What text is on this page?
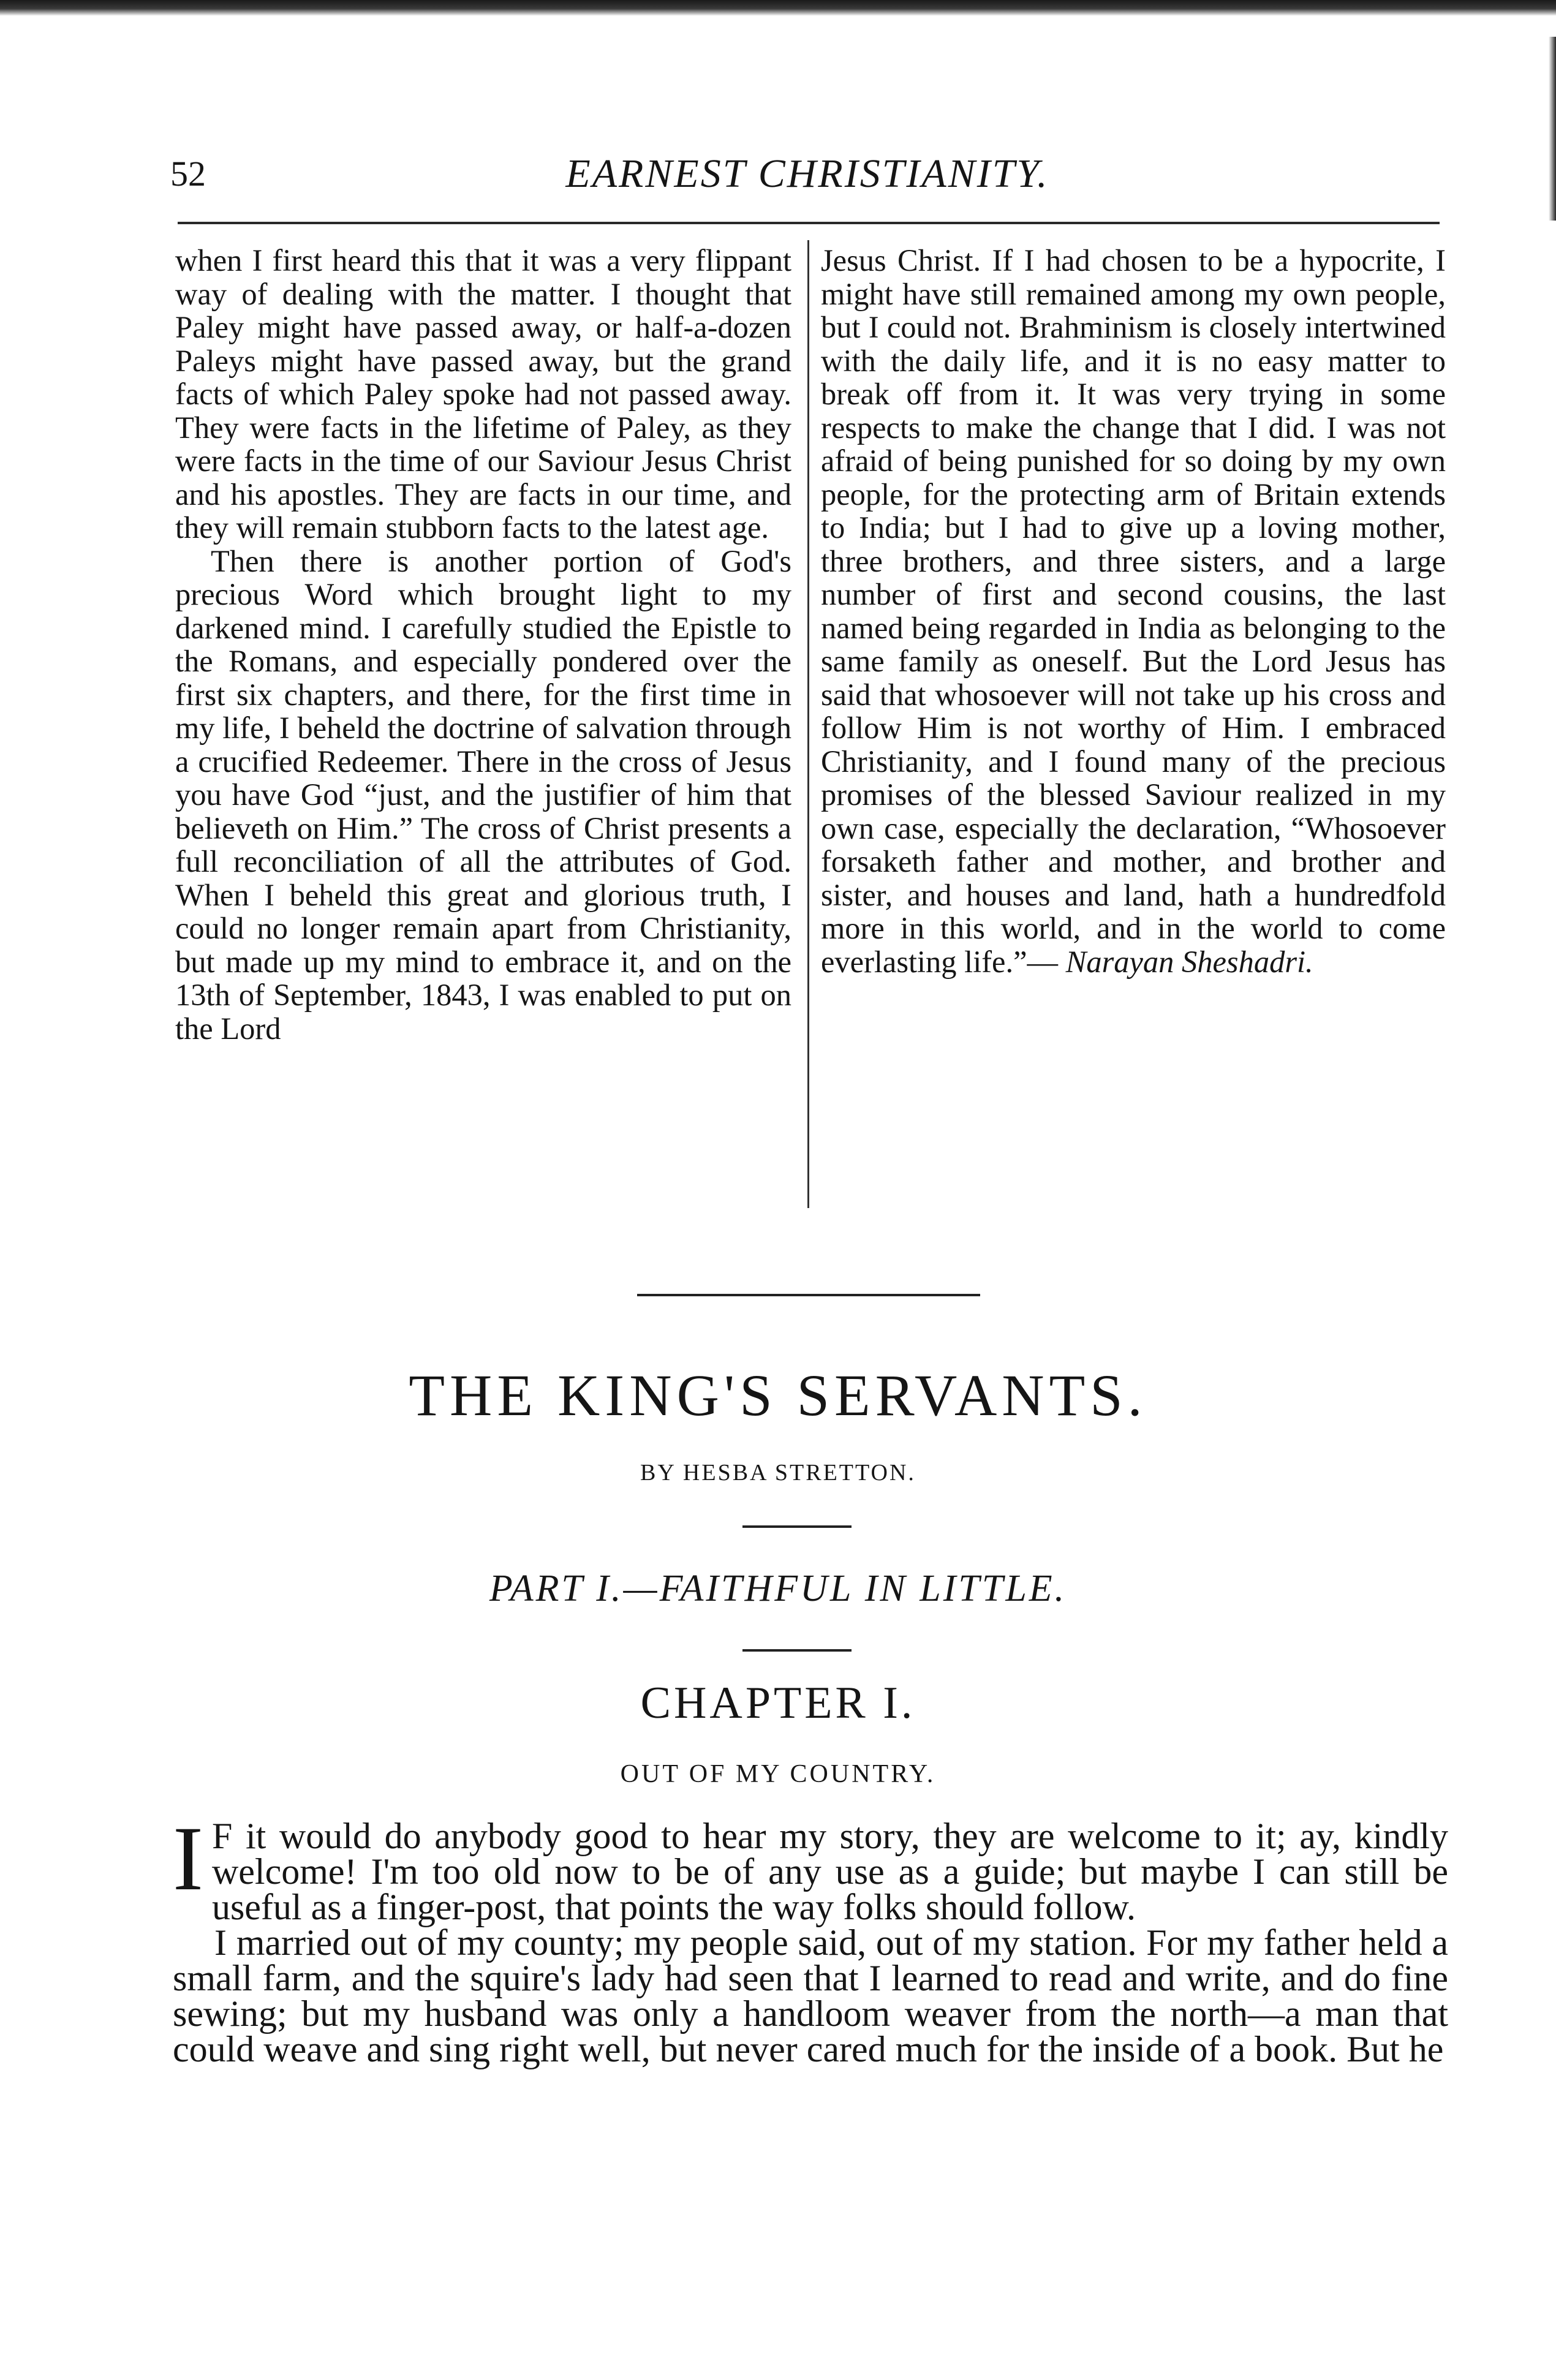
52	EARNEST CHRISTIANITY.

when I first heard this that it was a very flippant way of dealing with the matter. I thought that Paley might have passed away, or half-a-dozen Paleys might have passed away, but the grand facts of which Paley spoke had not passed away. They were facts in the lifetime of Paley, as they were facts in the time of our Saviour Jesus Christ and his apostles. They are facts in our time, and they will remain stubborn facts to the latest age.

Then there is another portion of God's precious Word which brought light to my darkened mind. I carefully studied the Epistle to the Romans, and especially pondered over the first six chapters, and there, for the first time in my life, I beheld the doctrine of salvation through a crucified Redeemer. There in the cross of Jesus you have God “just, and the justifier of him that believeth on Him.” The cross of Christ presents a full reconciliation of all the attributes of God. When I beheld this great and glorious truth, I could no longer remain apart from Christianity, but made up my mind to embrace it, and on the 13th of September, 1843, I was enabled to put on the Lord

Jesus Christ. If I had chosen to be a hypocrite, I might have still remained among my own people, but I could not. Brahminism is closely intertwined with the daily life, and it is no easy matter to break off from it. It was very trying in some respects to make the change that I did. I was not afraid of being punished for so doing by my own people, for the protecting arm of Britain extends to India; but I had to give up a loving mother, three brothers, and three sisters, and a large number of first and second cousins, the last named being regarded in India as belonging to the same family as oneself. But the Lord Jesus has said that whosoever will not take up his cross and follow Him is not worthy of Him. I embraced Christianity, and I found many of the precious promises of the blessed Saviour realized in my own case, especially the declaration, “Whosoever forsaketh father and mother, and brother and sister, and houses and land, hath a hundredfold more in this world, and in the world to come everlasting life.”— Narayan Sheshadri.

THE KING'S SERVANTS.
BY HESBA STRETTON.
PART I.—FAITHFUL IN LITTLE.
CHAPTER I.
OUT OF MY COUNTRY.

I F it would do anybody good to hear my story, they are welcome to it; ay, kindly welcome! I'm too old now to be of any use as a guide; but maybe I can still be useful as a finger-post, that points the way folks should follow.

I married out of my county; my people said, out of my station. For my father held a small farm, and the squire's lady had seen that I learned to read and write, and do fine sewing; but my husband was only a handloom weaver from the north—a man that could weave and sing right well, but never cared much for the inside of a book. But he
